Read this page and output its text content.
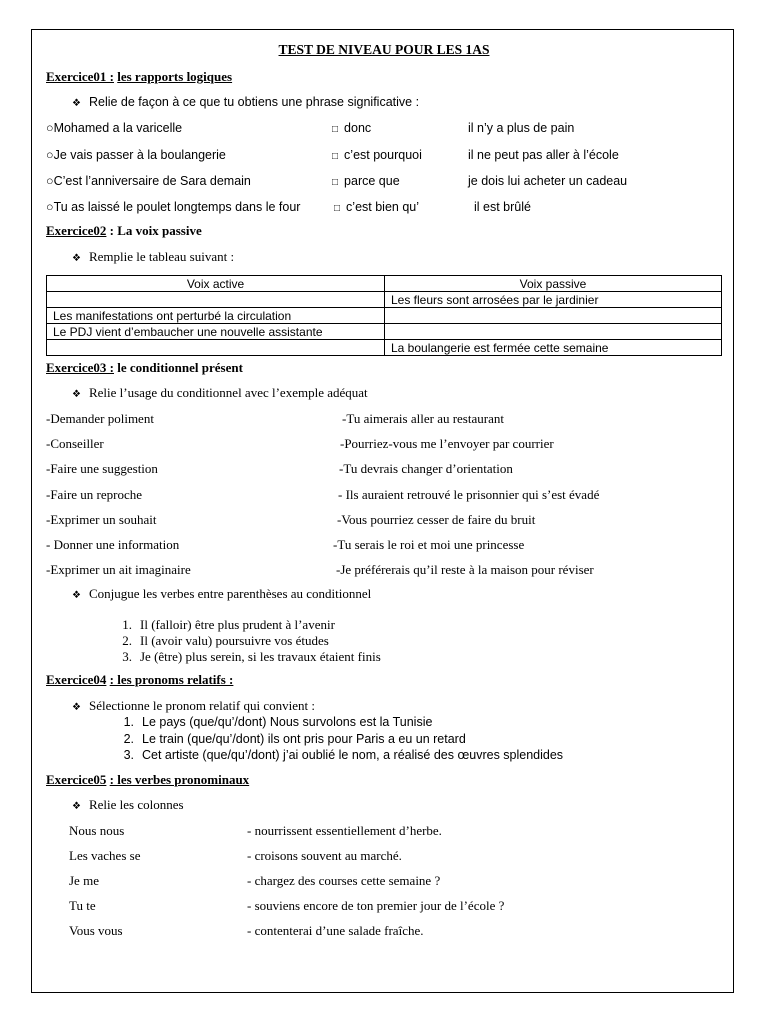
TEST DE NIVEAU POUR LES 1AS
Exercice01 : les rapports logiques
❖ Relie de façon à ce que tu obtiens une phrase significative :
○Mohamed a la varicelle	□ donc	il n’y a plus de pain
○Je vais passer à la boulangerie	□ c’est pourquoi	il ne peut pas aller à l’école
○C’est l’anniversaire de Sara demain	□ parce que	je dois lui acheter un cadeau
○Tu as laissé le poulet longtemps dans le four	□ c’est bien qu’	il est brûlé
Exercice02 : La voix passive
❖ Remplie le tableau suivant :
Voix active	Voix passive
	Les fleurs sont arrosées par le jardinier
Les manifestations ont perturbé la circulation	
Le PDJ vient d’embaucher une nouvelle assistante	
	La boulangerie est fermée cette semaine
Exercice03 : le conditionnel présent
❖ Relie l’usage du conditionnel avec l’exemple adéquat
-Demander poliment	-Tu aimerais aller au restaurant
-Conseiller	-Pourriez-vous me l’envoyer par courrier
-Faire une suggestion	-Tu devrais changer d’orientation
-Faire un reproche	- Ils auraient retrouvé le prisonnier qui s’est évadé
-Exprimer un souhait	-Vous pourriez cesser de faire du bruit
- Donner une information	-Tu serais le roi et moi une princesse
-Exprimer un ait imaginaire	-Je préférerais qu’il reste à la maison pour réviser
❖ Conjugue les verbes entre parenthèses au conditionnel
1. Il (falloir) être plus prudent à l’avenir
2. Il (avoir valu) poursuivre vos études
3. Je (être) plus serein, si les travaux étaient finis
Exercice04 : les pronoms relatifs :
❖ Sélectionne le pronom relatif qui convient :
1. Le pays (que/qu’/dont) Nous survolons est la Tunisie
2. Le train (que/qu’/dont) ils ont pris pour Paris a eu un retard
3. Cet artiste (que/qu’/dont) j’ai oublié le nom, a réalisé des œuvres splendides
Exercice05 : les verbes pronominaux
❖ Relie les colonnes
Nous nous	- nourrissent essentiellement d’herbe.
Les vaches se	- croisons souvent au marché.
Je me	- chargez des courses cette semaine ?
Tu te	- souviens encore de ton premier jour de l’école ?
Vous vous	- contenterai d’une salade fraîche.
